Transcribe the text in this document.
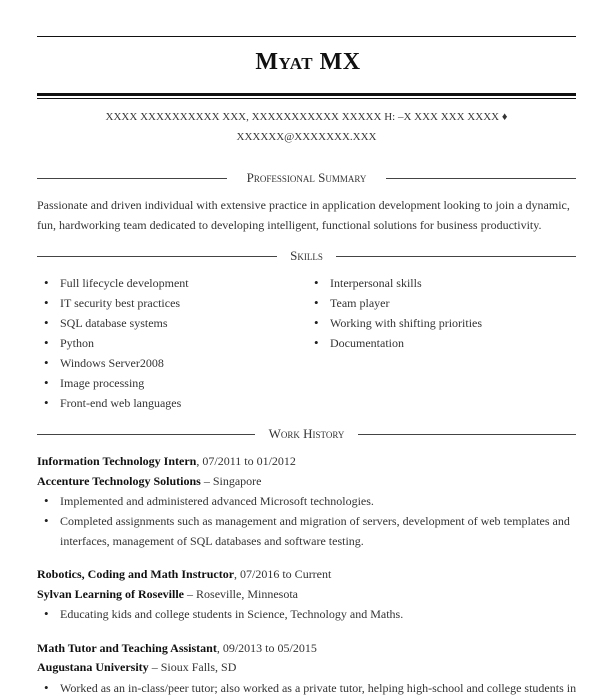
Myat MX
XXXX XXXXXXXXXX XXX, XXXXXXXXXXX XXXXX H: –X XXX XXX XXXX ♦
XXXXXX@XXXXXXX.XXX
Professional Summary
Passionate and driven individual with extensive practice in application development looking to join a dynamic, fun, hardworking team dedicated to developing intelligent, functional solutions for business productivity.
Skills
• Full lifecycle development
• IT security best practices
• SQL database systems
• Python
• Windows Server2008
• Image processing
• Front-end web languages
• Interpersonal skills
• Team player
• Working with shifting priorities
• Documentation
Work History
Information Technology Intern, 07/2011 to 01/2012
Accenture Technology Solutions – Singapore
• Implemented and administered advanced Microsoft technologies.
• Completed assignments such as management and migration of servers, development of web templates and interfaces, management of SQL databases and software testing.
Robotics, Coding and Math Instructor, 07/2016 to Current
Sylvan Learning of Roseville – Roseville, Minnesota
• Educating kids and college students in Science, Technology and Maths.
Math Tutor and Teaching Assistant, 09/2013 to 05/2015
Augustana University – Sioux Falls, SD
• Worked as an in-class/peer tutor; also worked as a private tutor, helping high-school and college students in
